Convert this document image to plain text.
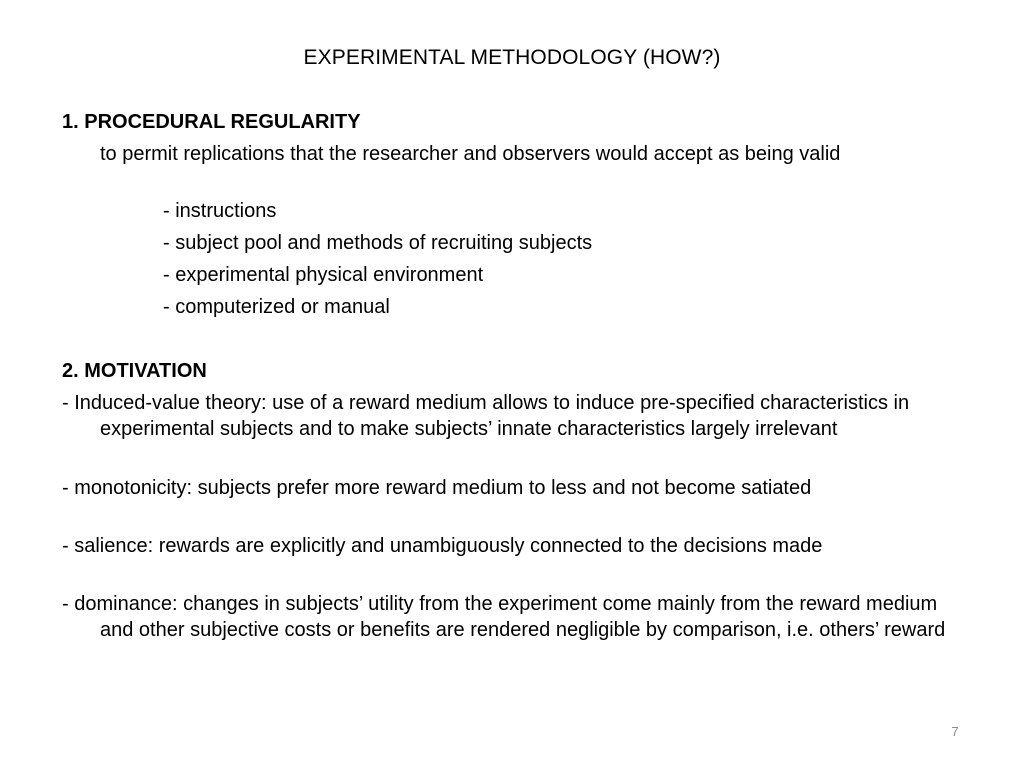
EXPERIMENTAL METHODOLOGY (HOW?)
1. PROCEDURAL REGULARITY
to permit replications that the researcher and observers would accept as being valid
- instructions
- subject pool and methods of recruiting subjects
- experimental physical environment
- computerized or manual
2. MOTIVATION
- Induced-value theory: use of a reward medium allows to induce pre-specified characteristics in experimental subjects and to make subjects’ innate characteristics largely irrelevant
- monotonicity: subjects prefer more reward medium to less and not become satiated
- salience: rewards are explicitly and unambiguously connected to the decisions made
- dominance: changes in subjects’ utility from the experiment come mainly from the reward medium and other subjective costs or benefits are rendered negligible by comparison, i.e. others’ reward
7
